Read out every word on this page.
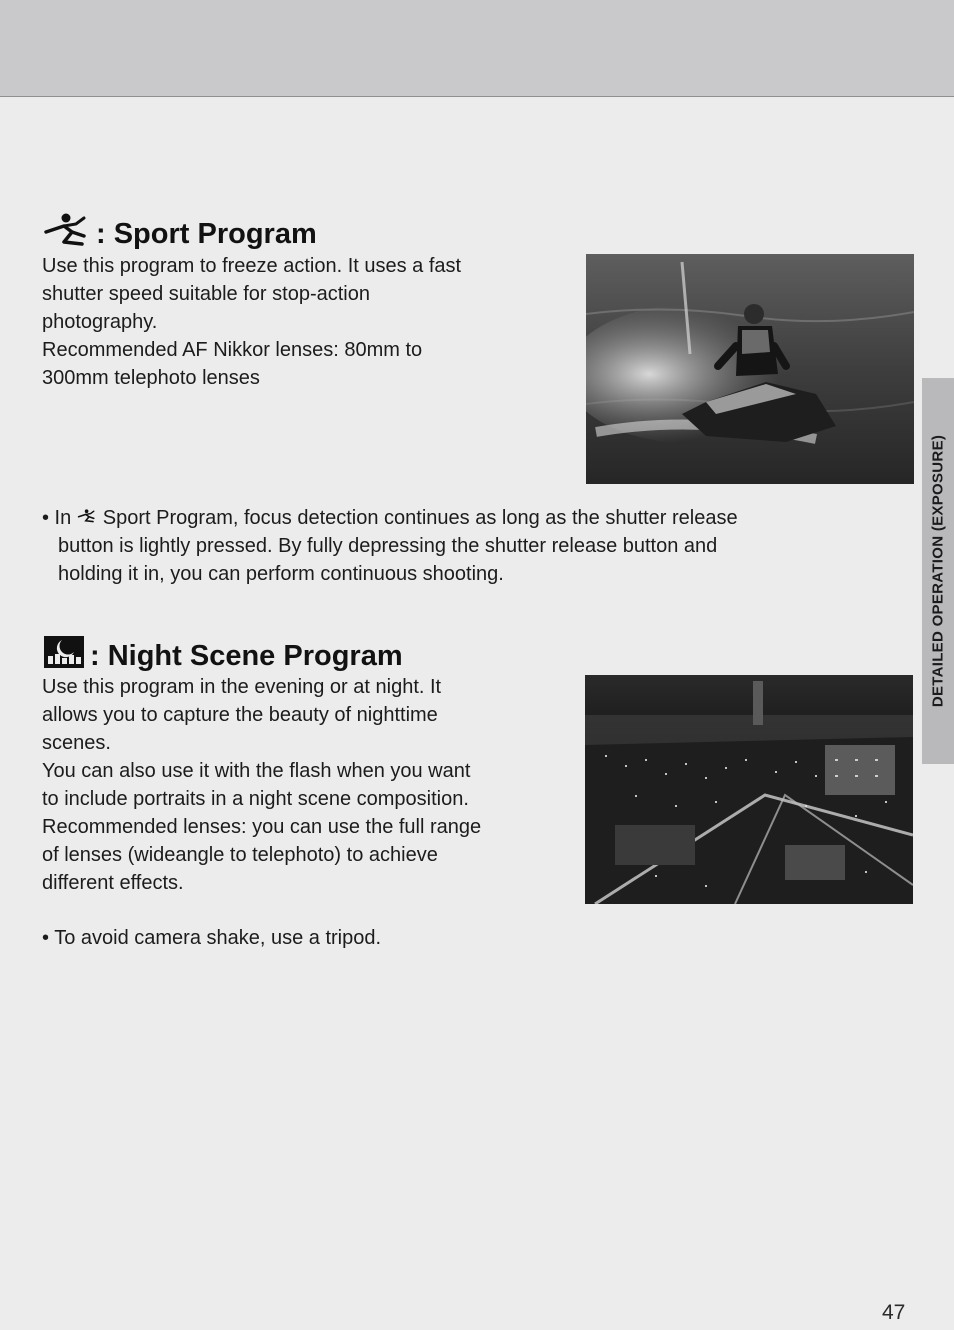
DETAILED OPERATION (EXPOSURE)
: Sport Program

Use this program to freeze action. It uses a fast

shutter speed suitable for stop-action

photography.

Recommended AF Nikkor lenses: 80mm to

300mm telephoto lenses

• In Sport Program, focus detection continues as long as the shutter release
button is lightly pressed. By fully depressing the shutter release button and
holding it in, you can perform continuous shooting.
: Night Scene Program

Use this program in the evening or at night. It

allows you to capture the beauty of nighttime

scenes.

You can also use it with the flash when you want

to include portraits in a night scene composition.

Recommended lenses: you can use the full range

of lenses (wideangle to telephoto) to achieve

different effects.

• To avoid camera shake, use a tripod.
47
